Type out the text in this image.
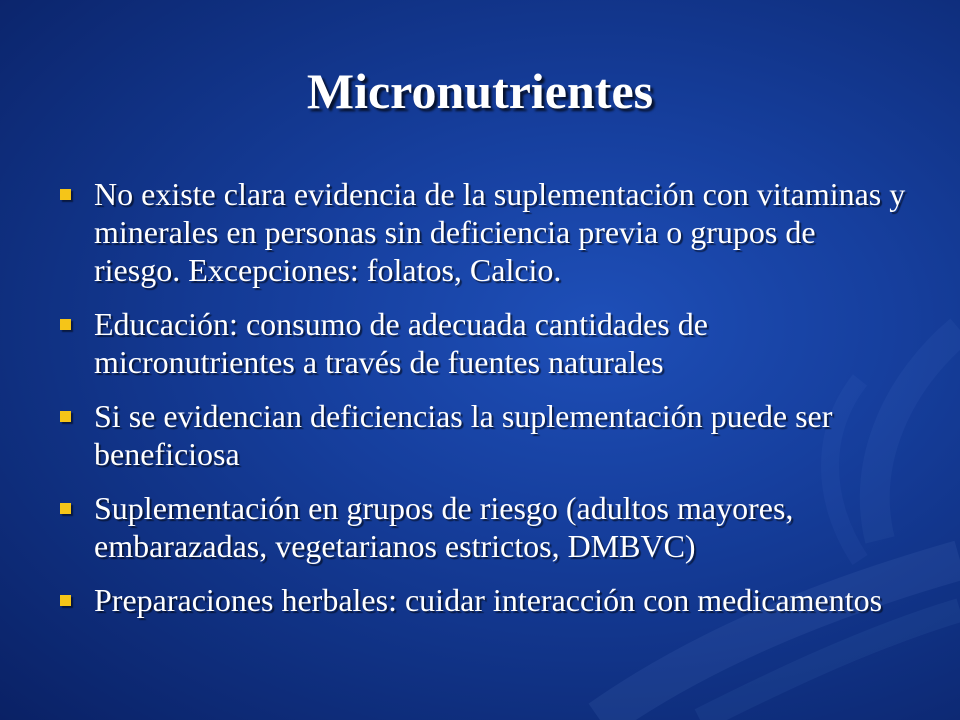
Micronutrientes
No existe clara evidencia de la suplementación con vitaminas y minerales en personas sin deficiencia previa o grupos de riesgo. Excepciones: folatos, Calcio.
Educación: consumo de adecuada cantidades de micronutrientes a través de fuentes naturales
Si se evidencian deficiencias la suplementación puede ser beneficiosa
Suplementación en grupos de riesgo (adultos mayores, embarazadas, vegetarianos estrictos, DMBVC)
Preparaciones herbales: cuidar interacción con medicamentos
